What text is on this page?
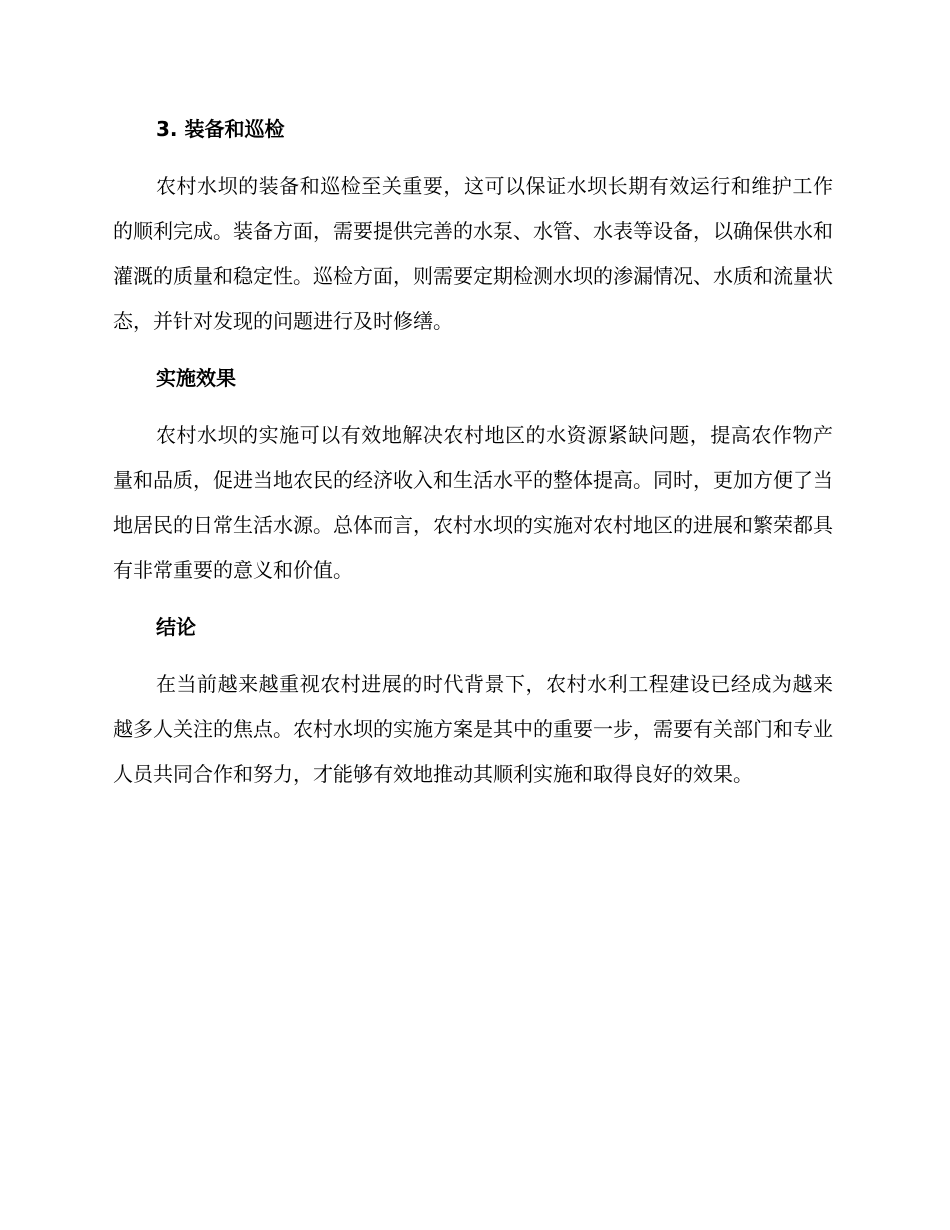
3. 装备和巡检

农村水坝的装备和巡检至关重要，这可以保证水坝长期有效运行和维护工作的顺利完成。装备方面，需要提供完善的水泵、水管、水表等设备，以确保供水和灌溉的质量和稳定性。巡检方面，则需要定期检测水坝的渗漏情况、水质和流量状态，并针对发现的问题进行及时修缮。

实施效果

农村水坝的实施可以有效地解决农村地区的水资源紧缺问题，提高农作物产量和品质，促进当地农民的经济收入和生活水平的整体提高。同时，更加方便了当地居民的日常生活水源。总体而言，农村水坝的实施对农村地区的进展和繁荣都具有非常重要的意义和价值。

结论

在当前越来越重视农村进展的时代背景下，农村水利工程建设已经成为越来越多人关注的焦点。农村水坝的实施方案是其中的重要一步，需要有关部门和专业人员共同合作和努力，才能够有效地推动其顺利实施和取得良好的效果。
